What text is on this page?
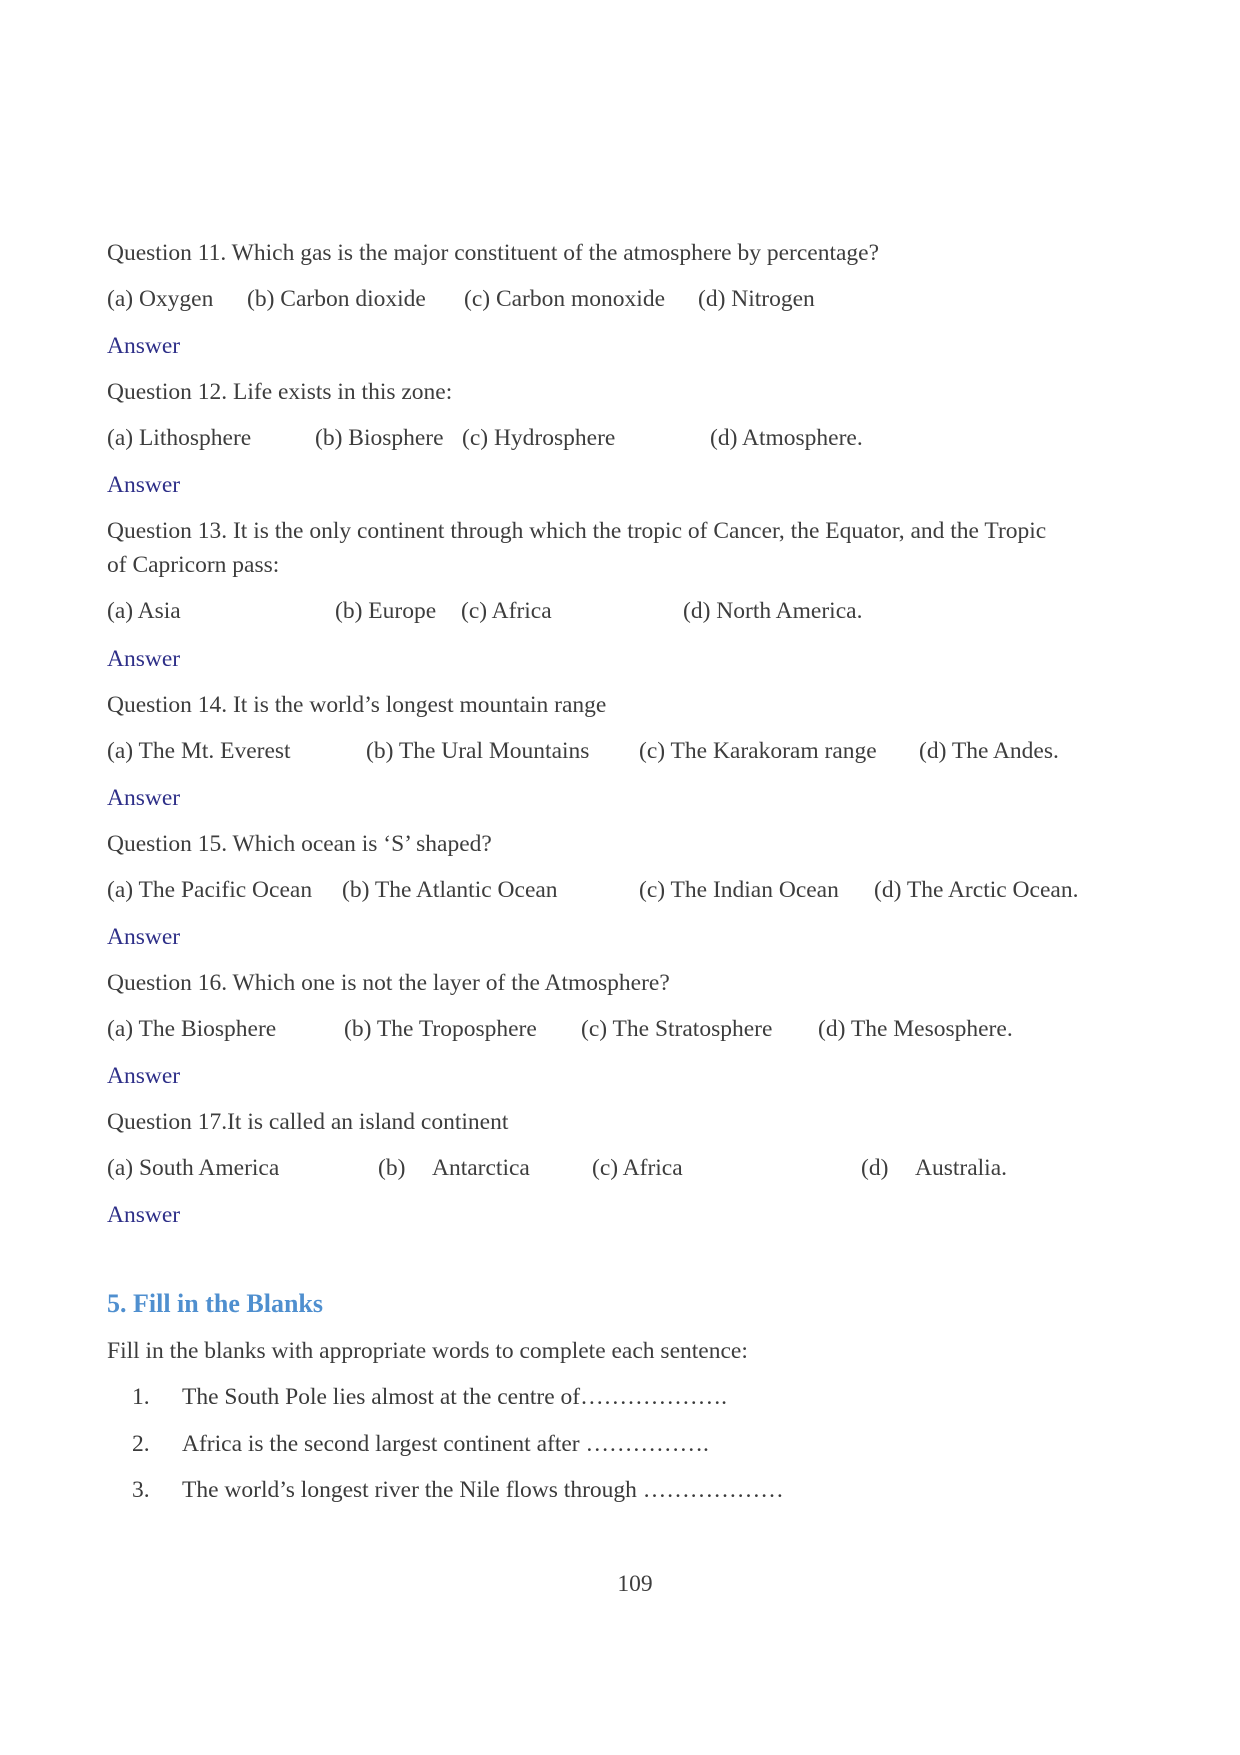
Question 11. Which gas is the major constituent of the atmosphere by percentage?
(a) Oxygen (b) Carbon dioxide (c) Carbon monoxide (d) Nitrogen
Answer
Question 12. Life exists in this zone:
(a) Lithosphere	(b) Biosphere (c) Hydrosphere	(d) Atmosphere.
Answer
Question 13. It is the only continent through which the tropic of Cancer, the Equator, and the Tropic
of Capricorn pass:
(a) Asia	(b) Europe (c) Africa	(d) North America.
Answer
Question 14. It is the world’s longest mountain range
(a) The Mt. Everest	(b) The Ural Mountains (c) The Karakoram range (d) The Andes.
Answer
Question 15. Which ocean is ‘S’ shaped?
(a) The Pacific Ocean (b) The Atlantic Ocean	(c) The Indian Ocean (d) The Arctic Ocean.
Answer
Question 16. Which one is not the layer of the Atmosphere?
(a) The Biosphere	(b) The Troposphere (c) The Stratosphere (d) The Mesosphere.
Answer
Question 17.It is called an island continent
(a) South America	(b) Antarctica	(c) Africa	(d) Australia.
Answer
5. Fill in the Blanks
Fill in the blanks with appropriate words to complete each sentence:
1. The South Pole lies almost at the centre of……………….
2. Africa is the second largest continent after …………….
3. The world’s longest river the Nile flows through ………………
109
